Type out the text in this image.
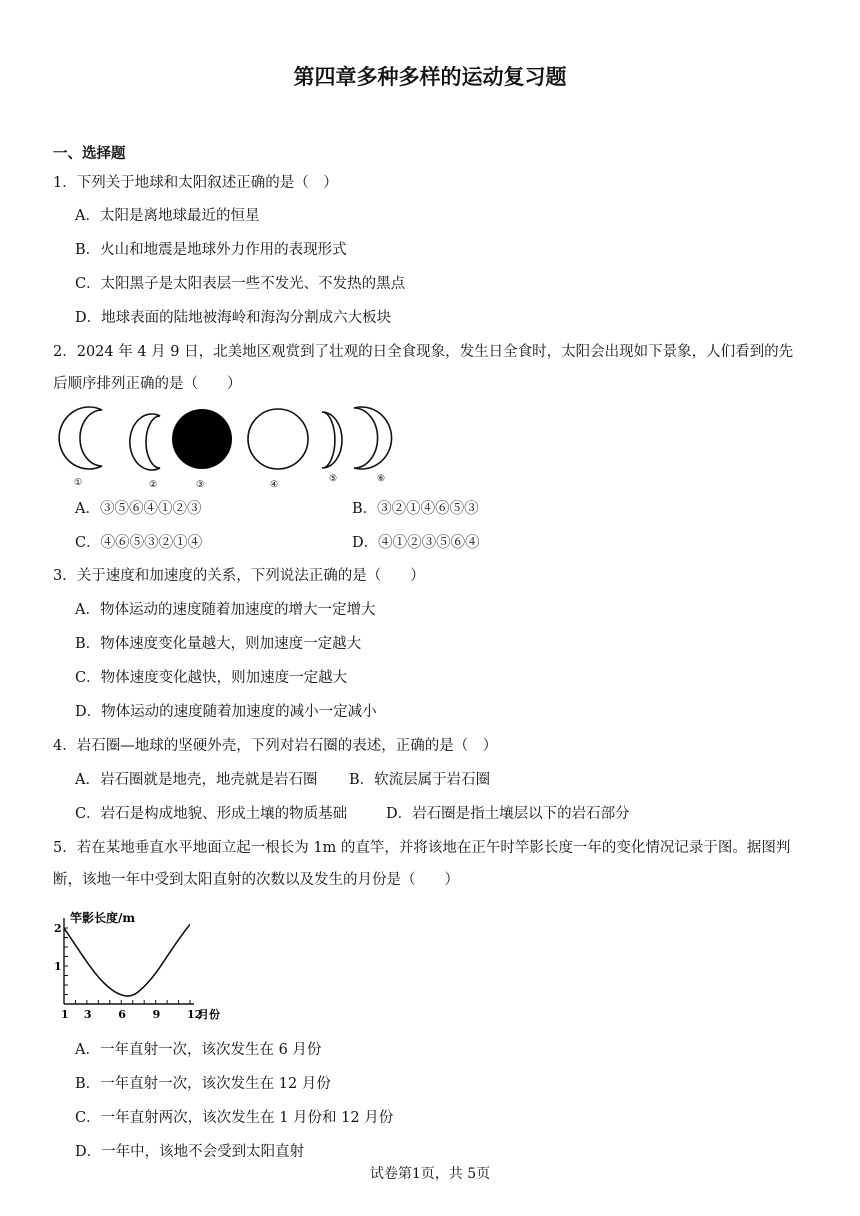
第四章多种多样的运动复习题
一、选择题
1．下列关于地球和太阳叙述正确的是（　）
A．太阳是离地球最近的恒星
B．火山和地震是地球外力作用的表现形式
C．太阳黑子是太阳表层一些不发光、不发热的黑点
D．地球表面的陆地被海岭和海沟分割成六大板块
2．2024 年 4 月 9 日，北美地区观赏到了壮观的日全食现象，发生日全食时，太阳会出现如下景象，人们看到的先
后顺序排列正确的是（　　）
①	②	③	④
⑤	⑥
A．③⑤⑥④①②③	B．③②①④⑥⑤③
C．④⑥⑤③②①④	D．④①②③⑤⑥④
3．关于速度和加速度的关系，下列说法正确的是（　　）
A．物体运动的速度随着加速度的增大一定增大
B．物体速度变化量越大，则加速度一定越大
C．物体速度变化越快，则加速度一定越大
D．物体运动的速度随着加速度的减小一定减小
4．岩石圈—地球的坚硬外壳，下列对岩石圈的表述，正确的是（　）
A．岩石圈就是地壳，地壳就是岩石圈 B．软流层属于岩石圈
C．岩石是构成地貌、形成土壤的物质基础	D．岩石圈是指土壤层以下的岩石部分
5．若在某地垂直水平地面立起一根长为 1m 的直竿，并将该地在正午时竿影长度一年的变化情况记录于图。据图判
断，该地一年中受到太阳直射的次数以及发生的月份是（　　）
1
2
1 3 6 9 12
月份
竿影长度/m
A．一年直射一次，该次发生在 6 月份
B．一年直射一次，该次发生在 12 月份
C．一年直射两次，该次发生在 1 月份和 12 月份
D．一年中，该地不会受到太阳直射
试卷第1页，共 5页
